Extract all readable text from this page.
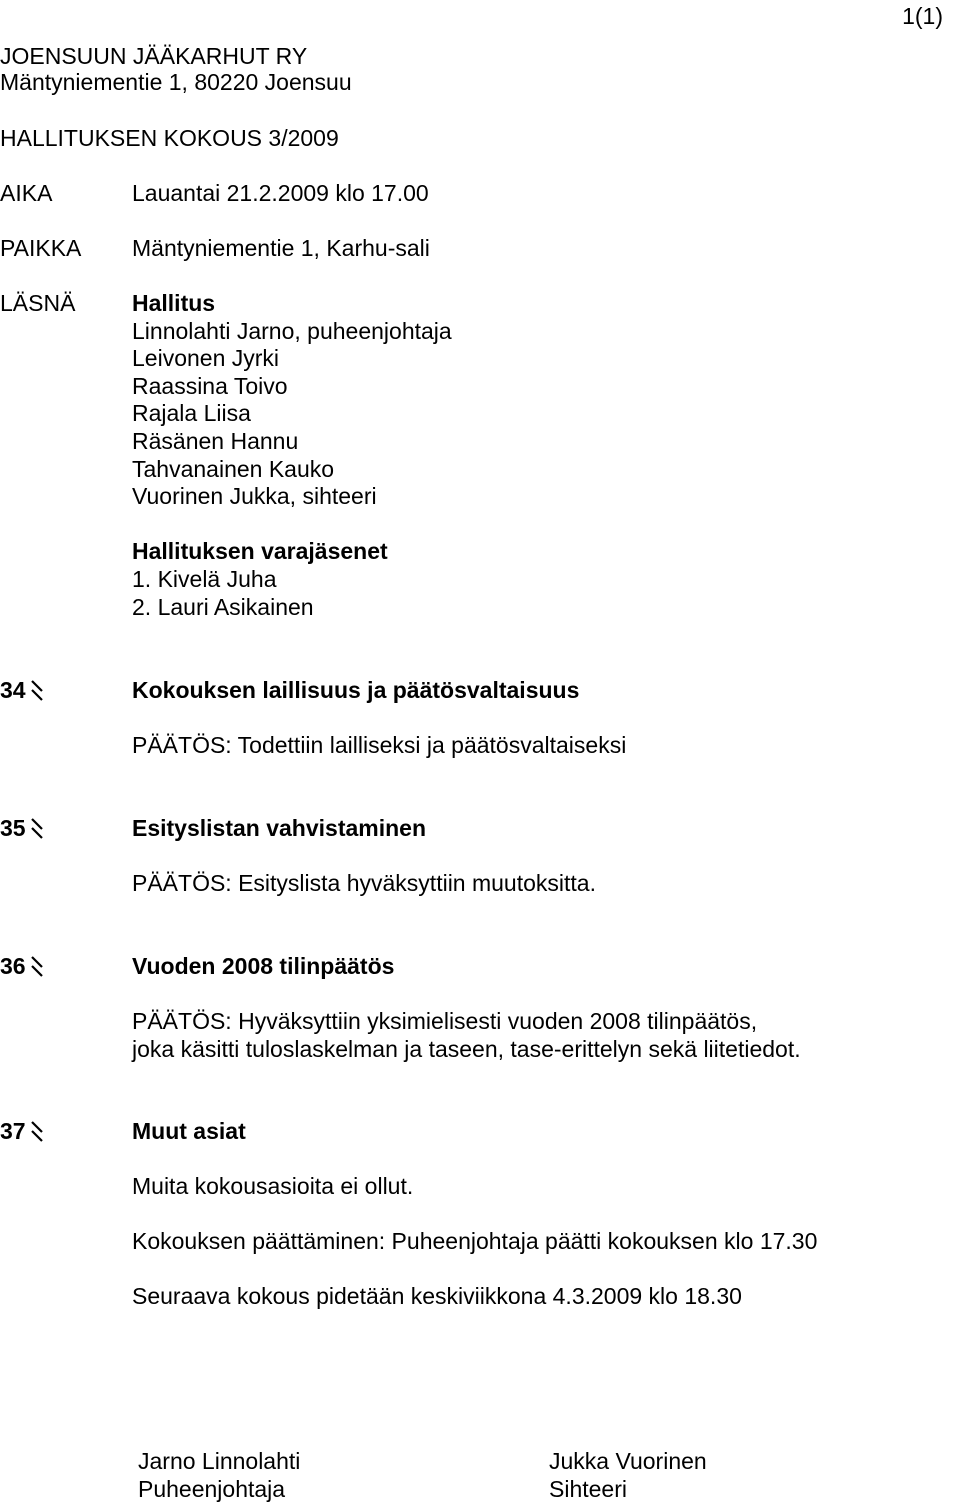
1(1)
JOENSUUN JÄÄKARHUT RY
Mäntyniementie 1, 80220 Joensuu
HALLITUKSEN KOKOUS 3/2009
AIKA	Lauantai 21.2.2009 klo 17.00
PAIKKA Mäntyniementie 1, Karhu-sali
LÄSNÄ Hallitus
Linnolahti Jarno, puheenjohtaja
Leivonen Jyrki
Raassina Toivo
Rajala Liisa
Räsänen Hannu
Tahvanainen Kauko
Vuorinen Jukka, sihteeri
Hallituksen varajäsenet
1. Kivelä Juha
2. Lauri Asikainen
34	Kokouksen laillisuus ja päätösvaltaisuus
PÄÄTÖS: Todettiin lailliseksi ja päätösvaltaiseksi
35	Esityslistan vahvistaminen
PÄÄTÖS: Esityslista hyväksyttiin muutoksitta.
36	Vuoden 2008 tilinpäätös
PÄÄTÖS: Hyväksyttiin yksimielisesti vuoden 2008 tilinpäätös,
joka käsitti tuloslaskelman ja taseen, tase-erittelyn sekä liitetiedot.
37	Muut asiat
Muita kokousasioita ei ollut.
Kokouksen päättäminen: Puheenjohtaja päätti kokouksen klo 17.30
Seuraava kokous pidetään keskiviikkona 4.3.2009 klo 18.30
Jarno Linnolahti
Puheenjohtaja
Jukka Vuorinen
Sihteeri
